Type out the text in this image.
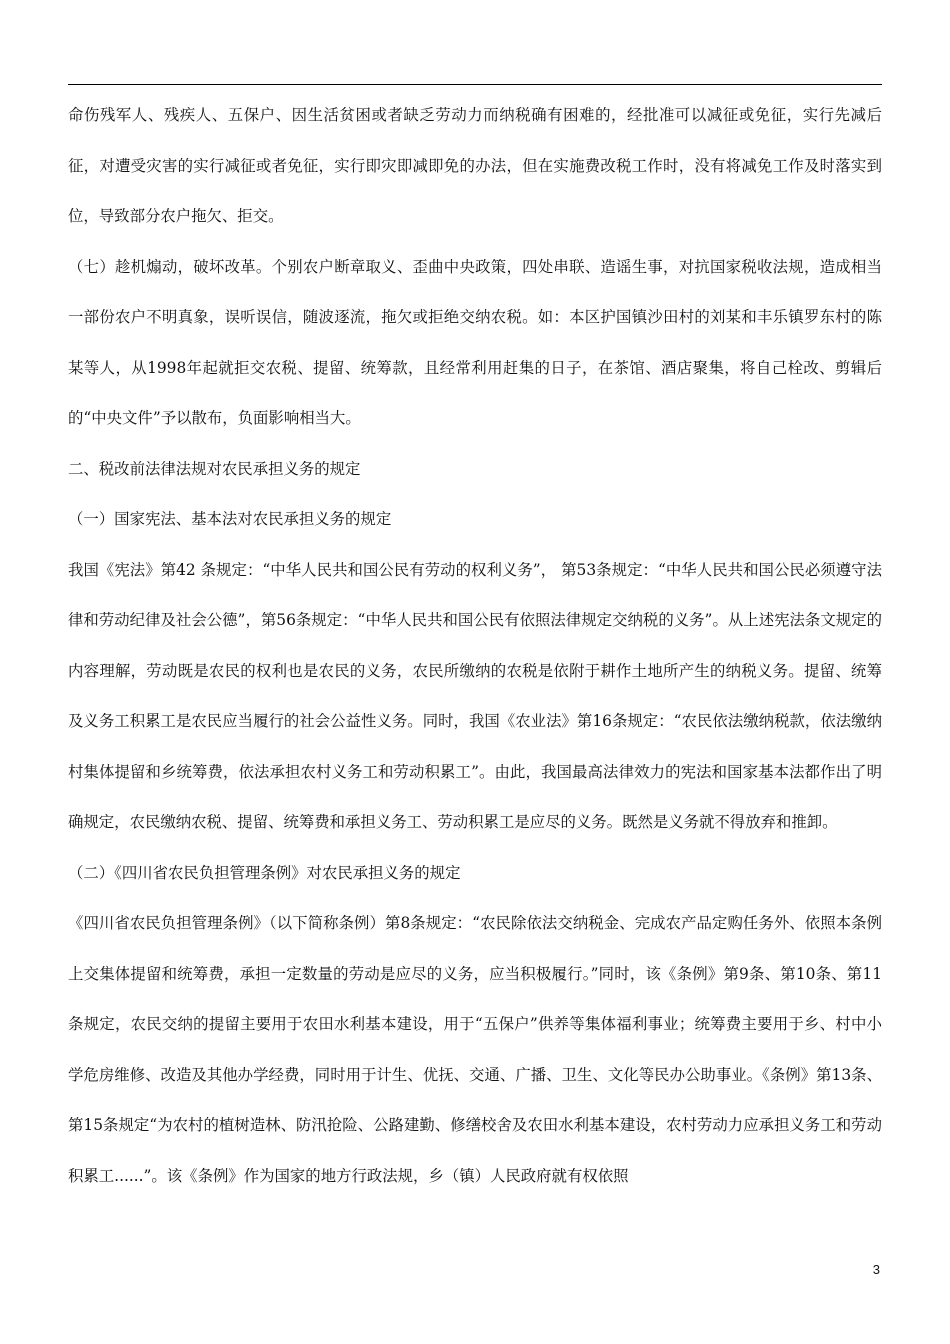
命伤残军人、残疾人、五保户、因生活贫困或者缺乏劳动力而纳税确有困难的，经批准可以减征或免征，实行先减后征，对遭受灾害的实行减征或者免征，实行即灾即减即免的办法，但在实施费改税工作时，没有将减免工作及时落实到位，导致部分农户拖欠、拒交。

（七）趁机煽动，破坏改革。个别农户断章取义、歪曲中央政策，四处串联、造谣生事，对抗国家税收法规，造成相当一部份农户不明真象，误听误信，随波逐流，拖欠或拒绝交纳农税。如：本区护国镇沙田村的刘某和丰乐镇罗东村的陈某等人，从1998年起就拒交农税、提留、统筹款，且经常利用赶集的日子，在茶馆、酒店聚集，将自己栓改、剪辑后的“中央文件”予以散布，负面影响相当大。

二、税改前法律法规对农民承担义务的规定

（一）国家宪法、基本法对农民承担义务的规定

我国《宪法》第42 条规定：“中华人民共和国公民有劳动的权利义务”， 第53条规定：“中华人民共和国公民必须遵守法律和劳动纪律及社会公德”，第56条规定：“中华人民共和国公民有依照法律规定交纳税的义务”。从上述宪法条文规定的内容理解，劳动既是农民的权利也是农民的义务，农民所缴纳的农税是依附于耕作土地所产生的纳税义务。提留、统筹及义务工积累工是农民应当履行的社会公益性义务。同时，我国《农业法》第16条规定：“农民依法缴纳税款，依法缴纳村集体提留和乡统筹费，依法承担农村义务工和劳动积累工”。由此，我国最高法律效力的宪法和国家基本法都作出了明确规定，农民缴纳农税、提留、统筹费和承担义务工、劳动积累工是应尽的义务。既然是义务就不得放弃和推卸。

（二）《四川省农民负担管理条例》对农民承担义务的规定

《四川省农民负担管理条例》（以下简称条例）第8条规定：“农民除依法交纳税金、完成农产品定购任务外、依照本条例上交集体提留和统筹费，承担一定数量的劳动是应尽的义务，应当积极履行。”同时，该《条例》第9条、第10条、第11条规定，农民交纳的提留主要用于农田水利基本建设，用于“五保户”供养等集体福利事业；统筹费主要用于乡、村中小学危房维修、改造及其他办学经费，同时用于计生、优抚、交通、广播、卫生、文化等民办公助事业。《条例》第13条、第15条规定“为农村的植树造林、防汛抢险、公路建勤、修缮校舍及农田水利基本建设，农村劳动力应承担义务工和劳动积累工......”。该《条例》作为国家的地方行政法规，乡（镇）人民政府就有权依照

3
